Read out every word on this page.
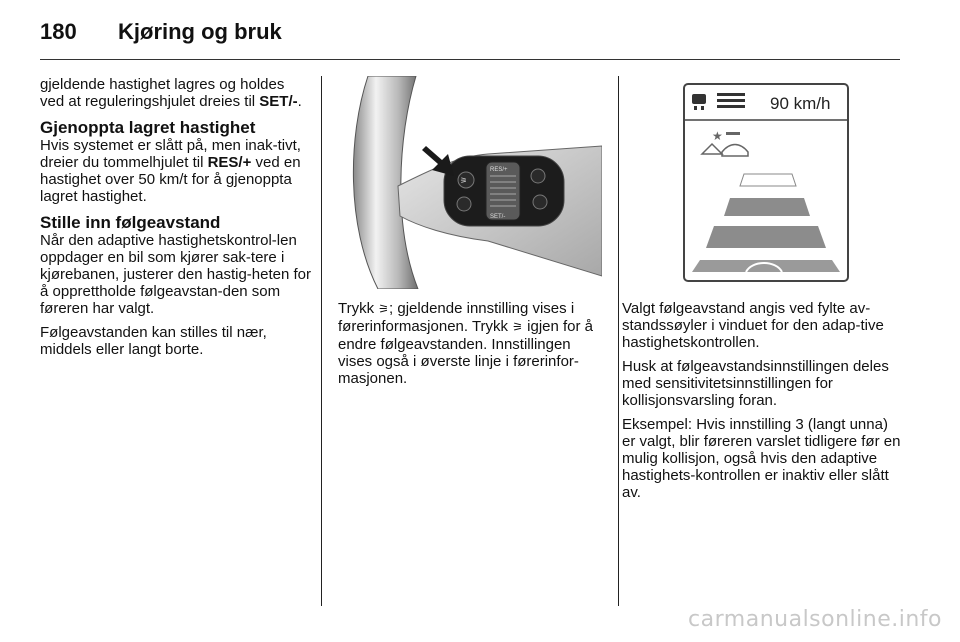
180	Kjøring og bruk

gjeldende hastighet lagres og holdes ved at reguleringshjulet dreies til SET/-.

Gjenoppta lagret hastighet

Hvis systemet er slått på, men inak-tivt, dreier du tommelhjulet til RES/+ ved en hastighet over 50 km/t for å gjenoppta lagret hastighet.

Stille inn følgeavstand

Når den adaptive hastighetskontrol-len oppdager en bil som kjører sak-tere i kjørebanen, justerer den hastig-heten for å opprettholde følgeavstan-den som føreren har valgt.

Følgeavstanden kan stilles til nær, middels eller langt borte.

RES/+
SET/-
⚞
90 km/h
★

Trykk ⚞; gjeldende innstilling vises i førerinformasjonen. Trykk ⚞ igjen for å endre følgeavstanden. Innstillingen vises også i øverste linje i førerinfor-masjonen.

Valgt følgeavstand angis ved fylte av-standssøyler i vinduet for den adap-tive hastighetskontrollen.

Husk at følgeavstandsinnstillingen deles med sensitivitetsinnstillingen for kollisjonsvarsling foran.

Eksempel: Hvis innstilling 3 (langt unna) er valgt, blir føreren varslet tidligere før en mulig kollisjon, også hvis den adaptive hastighets-kontrollen er inaktiv eller slått av.

carmanualsonline.info
